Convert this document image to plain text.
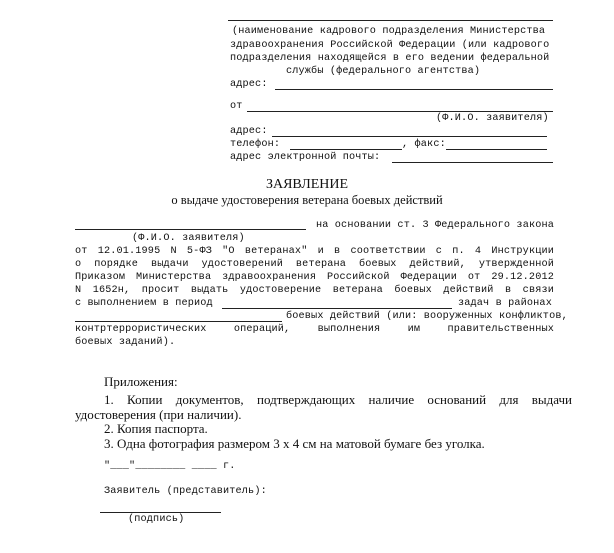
(наименование кадрового подразделения Министерства
здравоохранения Российской Федерации (или кадрового
подразделения находящейся в его ведении федеральной
службы (федерального агентства)
адрес:
от
(Ф.И.О. заявителя)
адрес:
телефон:	, факс:
адрес электронной почты:
ЗАЯВЛЕНИЕ
о выдаче удостоверения ветерана боевых действий
на основании ст. 3 Федерального закона
(Ф.И.О. заявителя)
от 12.01.1995 N 5-ФЗ "О ветеранах" и в соответствии с п. 4 Инструкции
о порядке выдачи удостоверений ветерана боевых действий, утвержденной
Приказом Министерства здравоохранения Российской Федерации от 29.12.2012
N 1652н, просит выдать удостоверение ветерана боевых действий в связи
с выполнением в период	задач в районах
боевых действий (или: вооруженных конфликтов,
контртеррористических операций, выполнения им правительственных
боевых заданий).
Приложения:
1. Копии документов, подтверждающих наличие оснований для выдачи
удостоверения (при наличии).
2. Копия паспорта.
3. Одна фотография размером 3 х 4 см на матовой бумаге без уголка.
"___"________ ____ г.
Заявитель (представитель):
(подпись)
